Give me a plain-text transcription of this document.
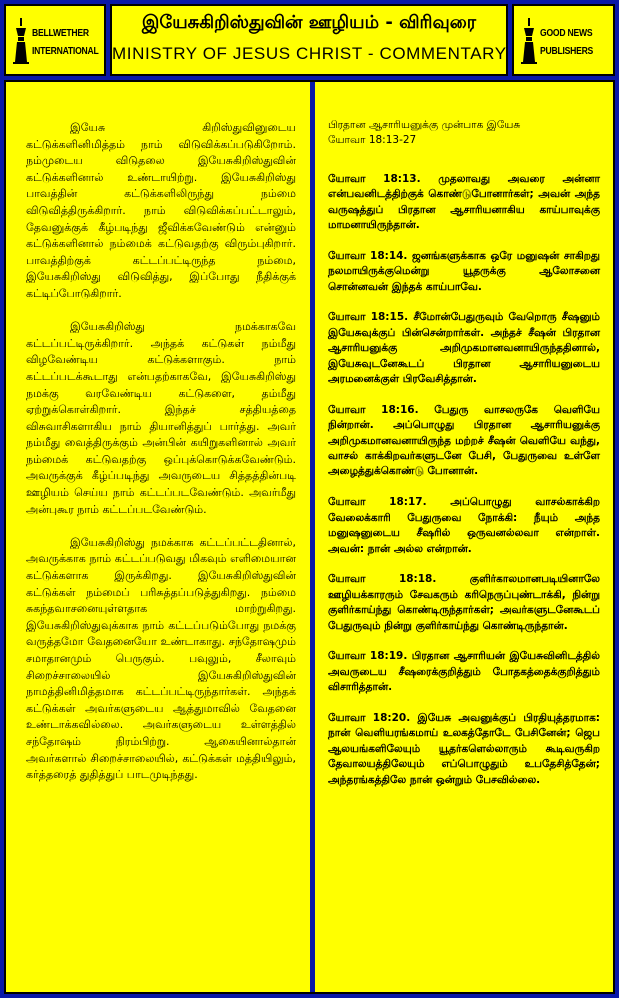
BELLWETHER
INTERNATIONAL
இயேசுகிறிஸ்துவின் ஊழியம் - விரிவுரை
MINISTRY OF JESUS CHRIST - COMMENTARY
GOOD NEWS
PUBLISHERS

இயேசு கிறிஸ்துவினுடைய கட்டுக்களினிமித்தம் நாம் விடுவிக்கப்படுகிறோம். நம்முடைய விடுதலை இயேசுகிறிஸ்துவின் கட்டுக்களினால் உண்டாயிற்று. இயேசுகிறிஸ்து பாவத்தின் கட்டுக்களிலிருந்து நம்மை விடுவித்திருக்கிறார். நாம் விடுவிக்கப்பட்டாலும், தேவனுக்குக் கீழ்படிந்து ஜீவிக்கவேண்டும் என்னும் கட்டுக்களினால் நம்மைக் கட்டுவதற்கு விரும்புகிறார். பாவத்திற்குக் கட்டப்பட்டிருந்த நம்மை, இயேசுகிறிஸ்து விடுவித்து, இப்போது நீதிக்குக் கட்டிப்போடுகிறார்.

இயேசுகிறிஸ்து நமக்காகவே கட்டப்பட்டிருக்கிறார். அந்தக் கட்டுகள் நம்மீது விழவேண்டிய கட்டுக்களாகும். நாம் கட்டப்படக்கூடாது என்பதற்காகவே, இயேசுகிறிஸ்து நமக்கு வரவேண்டிய கட்டுகளை, தம்மீது ஏற்றுக்கொள்கிறார். இந்தச் சத்தியத்தை விசுவாசிகளாகிய நாம் தியானித்துப் பார்த்து. அவர் நம்மீது வைத்திருக்கும் அன்பின் கயிறுகளினால் அவர் நம்மைக் கட்டுவதற்கு ஒப்புக்கொடுக்கவேண்டும். அவருக்குக் கீழ்ப்படிந்து அவருடைய சித்தத்தின்படி ஊழியம் செய்ய நாம் கட்டப்படவேண்டும். அவர்மீது அன்புகூர நாம் கட்டப்படவேண்டும்.

இயேசுகிறிஸ்து நமக்காக கட்டப்பட்டதினால், அவருக்காக நாம் கட்டப்படுவது மிகவும் எளிமையான கட்டுக்களாக இருக்கிறது. இயேசுகிறிஸ்துவின் கட்டுக்கள் நம்மைப் பரிசுத்தப்படுத்துகிறது. நம்மை சுகந்தவாசனையுள்ளதாக மாற்றுகிறது. இயேசுகிறிஸ்துவுக்காக நாம் கட்டப்படும்போது நமக்கு வருத்தமோ வேதனையோ உண்டாகாது. சந்தோஷமும் சமாதானமும் பெருகும். பவுலும், சீலாவும் சிறைச்சாலையில் இயேசுகிறிஸ்துவின் நாமத்தினிமித்தமாக கட்டப்பட்டிருந்தார்கள். அந்தக் கட்டுக்கள் அவர்களுடைய ஆத்துமாவில் வேதனை உண்டாக்கவில்லை. அவர்களுடைய உள்ளத்தில் சந்தோஷம் நிரம்பிற்று. ஆகையினால்தான் அவர்களால் சிறைச்சாலையில், கட்டுக்கள் மத்தியிலும், கர்த்தரைத் துதித்துப் பாடமுடிந்தது.

பிரதான ஆசாரியனுக்கு முன்பாக இயேசு
யோவா 18:13-27
யோவா 18:13. முதலாவது அவரை அன்னா என்பவனிடத்திற்குக் கொண்டுபோனார்கள்; அவன் அந்த வருஷத்துப் பிரதான ஆசாரியனாகிய காய்பாவுக்கு மாமனாயிருந்தான்.
யோவா 18:14. ஜனங்களுக்காக ஒரே மனுஷன் சாகிறது நலமாயிருக்குமென்று யூதருக்கு ஆலோசனை சொன்னவன் இந்தக் காய்பாவே.
யோவா 18:15. சீமோன்பேதுருவும் வேறொரு சீஷனும் இயேசுவுக்குப் பின்சென்றார்கள். அந்தச் சீஷன் பிரதான ஆசாரியனுக்கு அறிமுகமானவனாயிருந்ததினால், இயேசுவுடனேகூடப் பிரதான ஆசாரியனுடைய அரமனைக்குள் பிரவேசித்தான்.
யோவா 18:16. பேதுரு வாசலருகே வெளியே நின்றான். அப்பொழுது பிரதான ஆசாரியனுக்கு அறிமுகமானவனாயிருந்த மற்றச் சீஷன் வெளியே வந்து, வாசல் காக்கிறவர்களுடனே பேசி, பேதுருவை உள்ளே அழைத்துக்கொண்டு போனான்.
யோவா 18:17. அப்பொழுது வாசல்காக்கிற வேலைக்காரி பேதுருவை நோக்கி: நீயும் அந்த மனுஷனுடைய சீஷரில் ஒருவனல்லவா என்றாள். அவன்: நான் அல்ல என்றான்.
யோவா 18:18. குளிர்காலமானபடியினாலே ஊழியக்காரரும் சேவகரும் கரிநெருப்புண்டாக்கி, நின்று குளிர்காய்ந்து கொண்டிருந்தார்கள்; அவர்களுடனேகூடப் பேதுருவும் நின்று குளிர்காய்ந்து கொண்டிருந்தான்.
யோவா 18:19. பிரதான ஆசாரியன் இயேசுவினிடத்தில் அவருடைய சீஷரைக்குறித்தும் போதகத்தைக்குறித்தும் விசாரித்தான்.
யோவா 18:20. இயேசு அவனுக்குப் பிரதியுத்தரமாக: நான் வெளியரங்கமாய் உலகத்தோடே பேசினேன்; ஜெப ஆலயங்களிலேயும் யூதர்களெல்லாரும் கூடிவருகிற தேவாலயத்திலேயும் எப்பொழுதும் உபதேசித்தேன்; அந்தரங்கத்திலே நான் ஒன்றும் பேசவில்லை.
